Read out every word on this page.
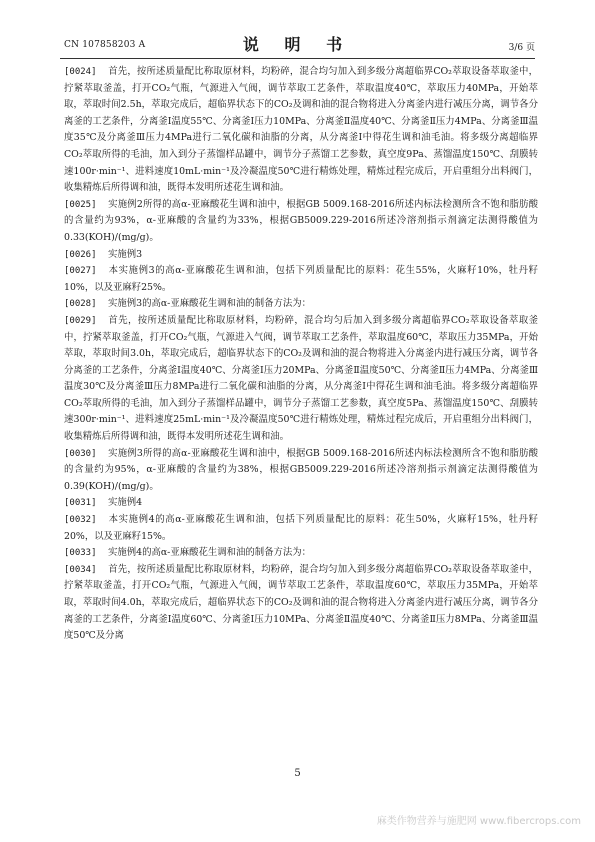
CN 107858203 A	说 明 书	3/6 页

[0024] 首先，按所述质量配比称取原材料，均粉碎，混合均匀加入到多级分离超临界CO₂萃取设备萃取釜中，拧紧萃取釜盖，打开CO₂气瓶，气源进入气阀，调节萃取工艺条件，萃取温度40℃，萃取压力40MPa，开始萃取，萃取时间2.5h，萃取完成后，超临界状态下的CO₂及调和油的混合物将进入分离釜内进行减压分离，调节各分离釜的工艺条件，分离釜Ⅰ温度55℃、分离釜Ⅰ压力10MPa、分离釜Ⅱ温度40℃、分离釜Ⅱ压力4MPa、分离釜Ⅲ温度35℃及分离釜Ⅲ压力4MPa进行二氧化碳和油脂的分离，从分离釜Ⅰ中得花生调和油毛油。将多级分离超临界CO₂萃取所得的毛油，加入到分子蒸馏样品罐中，调节分子蒸馏工艺参数，真空度9Pa、蒸馏温度150℃、刮膜转速100r·min⁻¹、进料速度10mL·min⁻¹及冷凝温度50℃进行精炼处理，精炼过程完成后，开启重组分出料阀门，收集精炼后所得调和油，既得本发明所述花生调和油。

[0025] 实施例2所得的高α-亚麻酸花生调和油中，根据GB 5009.168-2016所述内标法检测所含不饱和脂肪酸的含量约为93%，α-亚麻酸的含量约为33%，根据GB5009.229-2016所述冷溶剂指示剂滴定法测得酸值为0.33(KOH)/(mg/g)。

[0026] 实施例3

[0027] 本实施例3的高α-亚麻酸花生调和油，包括下列质量配比的原料：花生55%，火麻籽10%，牡丹籽10%，以及亚麻籽25%。

[0028] 实施例3的高α-亚麻酸花生调和油的制备方法为：

[0029] 首先，按所述质量配比称取原材料，均粉碎，混合均匀后加入到多级分离超临界CO₂萃取设备萃取釜中，拧紧萃取釜盖，打开CO₂气瓶，气源进入气阀，调节萃取工艺条件，萃取温度60℃，萃取压力35MPa，开始萃取，萃取时间3.0h，萃取完成后，超临界状态下的CO₂及调和油的混合物将进入分离釜内进行减压分离，调节各分离釜的工艺条件，分离釜Ⅰ温度40℃、分离釜Ⅰ压力20MPa、分离釜Ⅱ温度50℃、分离釜Ⅱ压力4MPa、分离釜Ⅲ温度30℃及分离釜Ⅲ压力8MPa进行二氧化碳和油脂的分离，从分离釜Ⅰ中得花生调和油毛油。将多级分离超临界CO₂萃取所得的毛油，加入到分子蒸馏样品罐中，调节分子蒸馏工艺参数，真空度5Pa、蒸馏温度150℃、刮膜转速300r·min⁻¹、进料速度25mL·min⁻¹及冷凝温度50℃进行精炼处理，精炼过程完成后，开启重组分出料阀门，收集精炼后所得调和油，既得本发明所述花生调和油。

[0030] 实施例3所得的高α-亚麻酸花生调和油中，根据GB 5009.168-2016所述内标法检测所含不饱和脂肪酸的含量约为95%，α-亚麻酸的含量约为38%，根据GB5009.229-2016所述冷溶剂指示剂滴定法测得酸值为0.39(KOH)/(mg/g)。

[0031] 实施例4

[0032] 本实施例4的高α-亚麻酸花生调和油，包括下列质量配比的原料：花生50%，火麻籽15%，牡丹籽20%，以及亚麻籽15%。

[0033] 实施例4的高α-亚麻酸花生调和油的制备方法为：

[0034] 首先，按所述质量配比称取原材料，均粉碎，混合均匀加入到多级分离超临界CO₂萃取设备萃取釜中，拧紧萃取釜盖，打开CO₂气瓶，气源进入气阀，调节萃取工艺条件，萃取温度60℃，萃取压力35MPa，开始萃取，萃取时间4.0h，萃取完成后，超临界状态下的CO₂及调和油的混合物将进入分离釜内进行减压分离，调节各分离釜的工艺条件，分离釜Ⅰ温度60℃、分离釜Ⅰ压力10MPa、分离釜Ⅱ温度40℃、分离釜Ⅱ压力8MPa、分离釜Ⅲ温度50℃及分离

5
麻类作物营养与施肥网 www.fibercrops.com
